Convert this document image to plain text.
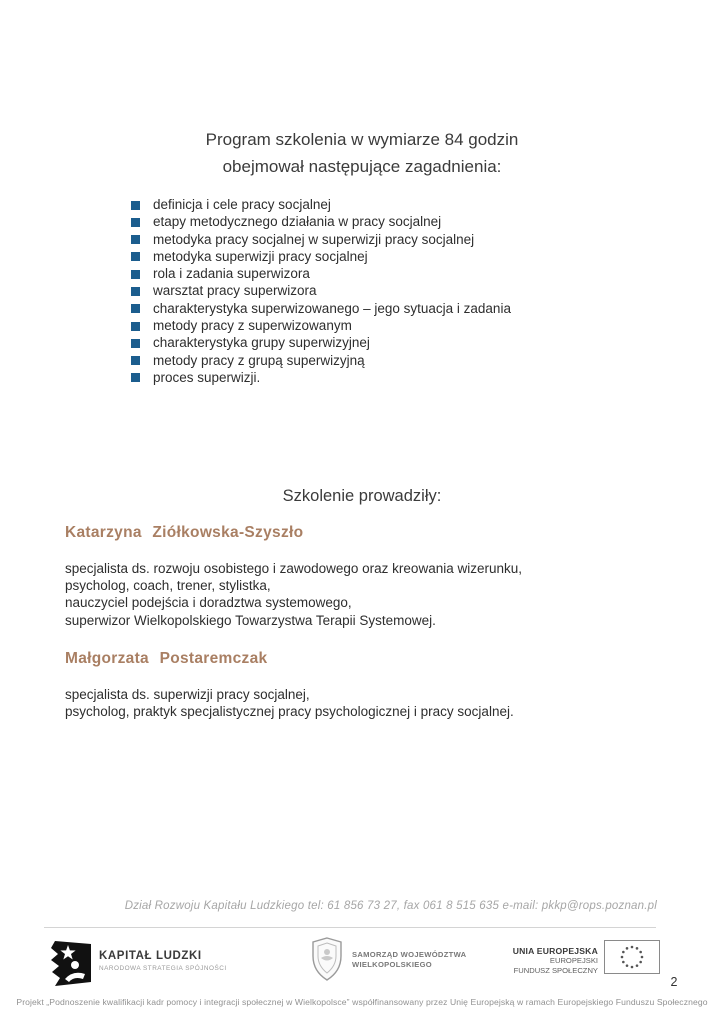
Program szkolenia w wymiarze 84 godzin
obejmował następujące zagadnienia:
definicja i cele pracy socjalnej
etapy metodycznego działania w pracy socjalnej
metodyka pracy socjalnej w superwizji pracy socjalnej
metodyka superwizji pracy socjalnej
rola i zadania superwizora
warsztat pracy superwizora
charakterystyka superwizowanego – jego sytuacja i zadania
metody pracy z superwizowanym
charakterystyka grupy superwizyjnej
metody pracy z grupą superwizyjną
proces superwizji.
Szkolenie prowadziły:
Katarzyna Ziółkowska-Szyszło
specjalista ds. rozwoju osobistego i zawodowego oraz kreowania wizerunku,
psycholog, coach, trener, stylistka,
nauczyciel podejścia i doradztwa systemowego,
superwizor Wielkopolskiego Towarzystwa Terapii Systemowej.
Małgorzata Postaremczak
specjalista ds. superwizji pracy socjalnej,
psycholog, praktyk specjalistycznej pracy psychologicznej i pracy socjalnej.
Dział Rozwoju Kapitału Ludzkiego tel: 61 856 73 27, fax 061 8 515 635 e-mail: pkkp@rops.poznan.pl
KAPITAŁ LUDZKI
NARODOWA STRATEGIA SPÓJNOŚCI
SAMORZĄD WOJEWÓDZTWA
WIELKOPOLSKIEGO
UNIA EUROPEJSKA
EUROPEJSKI
FUNDUSZ SPOŁECZNY
2
Projekt „Podnoszenie kwalifikacji kadr pomocy i integracji społecznej w Wielkopolsce” współfinansowany przez Unię Europejską w ramach Europejskiego Funduszu Społecznego
